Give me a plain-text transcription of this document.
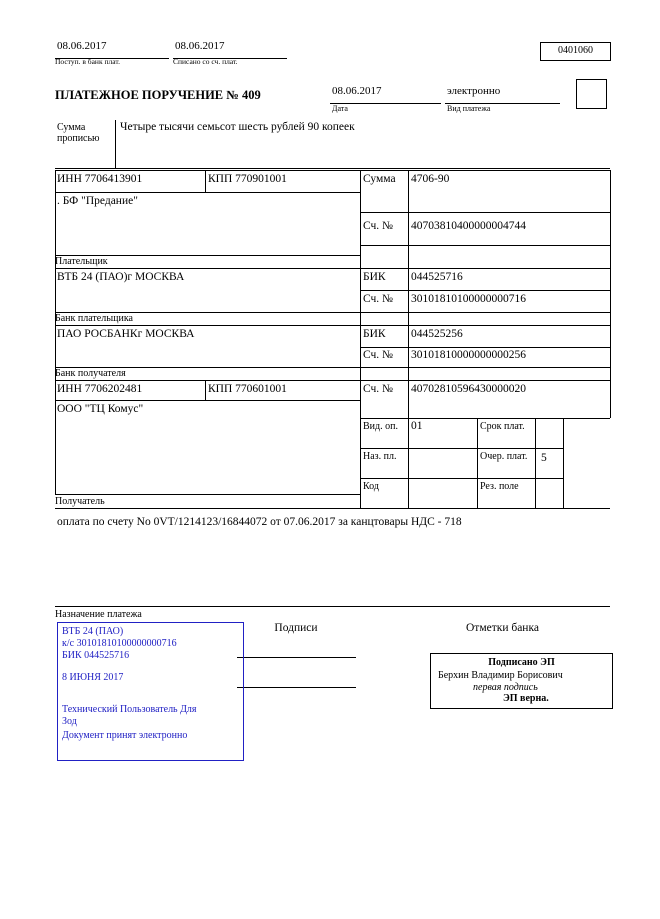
08.06.2017
Поступ. в банк плат.
08.06.2017
Списано со сч. плат.
0401060
ПЛАТЕЖНОЕ ПОРУЧЕНИЕ № 409	08.06.2017
Дата
электронно
Вид платежа
Сумма прописью
Четыре тысячи семьсот шесть рублей 90 копеек
ИНН 7706413901	КПП 770901001	Сумма 4706-90
. БФ "Предание"
Сч. № 40703810400000004744
Плательщик
ВТБ 24 (ПАО)г МОСКВА	БИК 044525716
Сч. № 30101810100000000716
Банк плательщика
ПАО РОСБАНКг МОСКВА	БИК 044525256
Сч. № 30101810000000000256
Банк получателя
ИНН 7706202481	КПП 770601001	Сч. № 40702810596430000020
ООО "ТЦ Комус"
Получатель
Вид. оп. 01	Срок плат.
Наз. пл.	Очер. плат. 5
Код	Рез. поле
оплата по счету No 0VT/1214123/16844072 от 07.06.2017 за канцтовары НДС - 718
Назначение платежа
Подписи	Отметки банка
ВТБ 24 (ПАО)
к/с 30101810100000000716
БИК 044525716
8 ИЮНЯ 2017
Технический Пользователь Для Зод
Документ принят электронно
Подписано ЭП
Берхин Владимир Борисович
первая подпись
ЭП верна.
